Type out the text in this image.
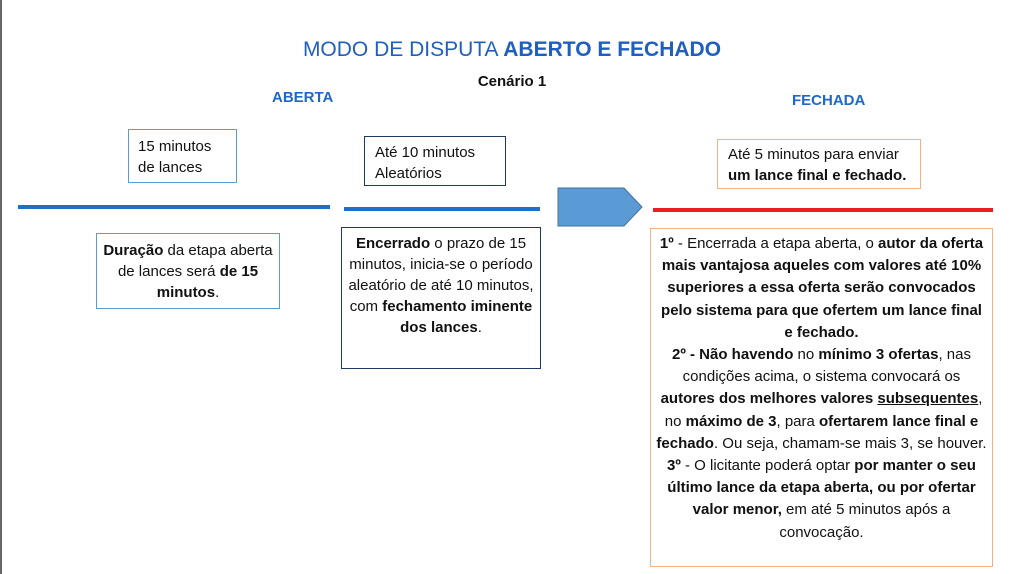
MODO DE DISPUTA ABERTO E FECHADO
Cenário 1
ABERTA	FECHADA
15 minutos
de lances
Até 10 minutos
Aleatórios
Até 5 minutos para enviar
um lance final e fechado.
Duração da etapa aberta de lances será de 15 minutos.
Encerrado o prazo de 15 minutos, inicia-se o período aleatório de até 10 minutos, com fechamento iminente dos lances.
1º - Encerrada a etapa aberta, o autor da oferta mais vantajosa aqueles com valores até 10% superiores a essa oferta serão convocados pelo sistema para que ofertem um lance final e fechado.
2º - Não havendo no mínimo 3 ofertas, nas condições acima, o sistema convocará os autores dos melhores valores subsequentes, no máximo de 3, para ofertarem lance final e fechado. Ou seja, chamam-se mais 3, se houver.
3º - O licitante poderá optar por manter o seu último lance da etapa aberta, ou por ofertar valor menor, em até 5 minutos após a convocação.
